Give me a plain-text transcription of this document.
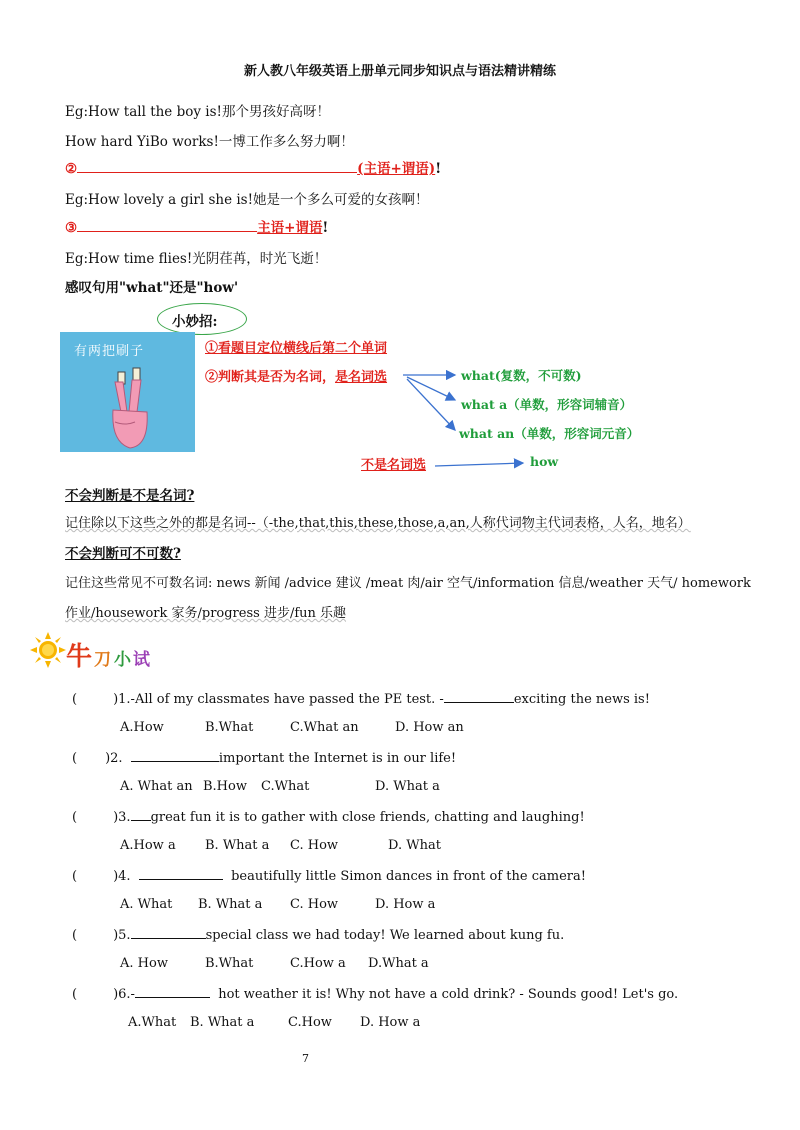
新人教八年级英语上册单元同步知识点与语法精讲精练
Eg:How tall the boy is!那个男孩好高呀！
How hard YiBo works!一博工作多么努力啊！
②	(主语+谓语)!
Eg:How lovely a girl she is!她是一个多么可爱的女孩啊！
③	主语+谓语!
Eg:How time flies!光阴荏苒，时光飞逝！
感叹句用"what"还是"how'
小妙招:
有两把刷子	①看题目定位横线后第二个单词
②判断其是否为名词，是名词选	what(复数，不可数)
what a（单数，形容词辅音）
what an（单数，形容词元音）
不是名词选	how
不会判断是不是名词?
记住除以下这些之外的都是名词--（-the,that,this,these,those,a,an,人称代词物主代词表格，人名，地名）
不会判断可不可数?
记住这些常见不可数名词: news 新闻 /advice 建议 /meat 肉/air 空气/information 信息/weather 天气/ homework
作业/housework 家务/progress 进步/fun 乐趣
牛 刀 小 试
(	)1.-All of my classmates have passed the PE test. -	exciting the news is!
A.How	B.What	C.What an	D. How an
( )2.	important the Internet is in our life!
A. What an B.How C.What	D. What a
(	)3. great fun it is to gather with close friends, chatting and laughing!
A.How a B. What a C. How	D. What
(	)4.	beautifully little Simon dances in front of the camera!
A. What B. What a C. How	D. How a
(	)5.	special class we had today! We learned about kung fu.
A. How	B.What	C.How a D.What a
(	)6.-	hot weather it is! Why not have a cold drink? - Sounds good! Let's go.
A.What B. What a	C.How D. How a
7
